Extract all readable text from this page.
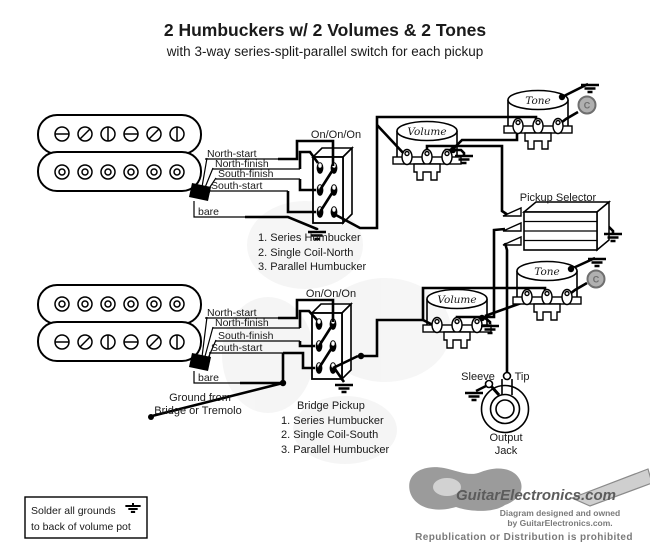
2 Humbuckers w/ 2 Volumes & 2 Tones
with 3-way series-split-parallel switch for each pickup
Volume
Tone
Volume
Tone
C
C
North-start
North-finish
South-finish
South-start
bare
On/On/On
1. Series Humbucker
2. Single Coil-North
3. Parallel Humbucker
North-start
North-finish
South-finish
South-start
bare
On/On/On
Bridge Pickup
1. Series Humbucker
2. Single Coil-South
3. Parallel Humbucker
Ground from
Bridge or Tremolo
Pickup Selector
Sleeve Tip
Output
Jack
Solder all grounds
to back of volume pot
GuitarElectronics.com
Diagram designed and owned
by GuitarElectronics.com.
Republication or Distribution is prohibited
